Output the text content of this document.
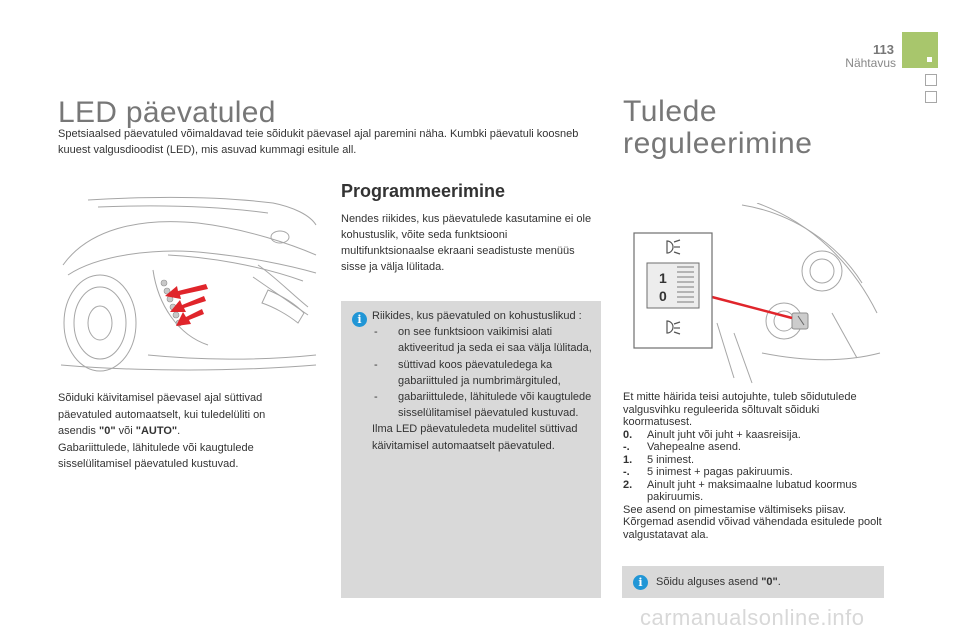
113
Nähtavus
LED päevatuled
Spetsiaalsed päevatuled võimaldavad teie sõidukit päevasel ajal paremini näha. Kumbki päevatuli koosneb kuuest valgusdioodist (LED), mis asuvad kummagi esitule all.
Tulede
reguleerimine
Programmeerimine
Nendes riikides, kus päevatulede kasutamine ei ole kohustuslik, võite seda funktsiooni multifunktsionaalse ekraani seadistuste menüüs sisse ja välja lülitada.
Sõiduki käivitamisel päevasel ajal süttivad päevatuled automaatselt, kui tuledelüliti on asendis "0" või "AUTO".
Gabariittulede, lähitulede või kaugtulede sisselülitamisel päevatuled kustuvad.
i Riikides, kus päevatuled on kohustuslikud :
- on see funktsioon vaikimisi alati aktiveeritud ja seda ei saa välja lülitada,
- süttivad koos päevatuledega ka gabariittuled ja numbrimärgituled,
- gabariittulede, lähitulede või kaugtulede sisselülitamisel päevatuled kustuvad.
Ilma LED päevatuledeta mudelitel süttivad käivitamisel automaatselt päevatuled.
1
0
Et mitte häirida teisi autojuhte, tuleb sõidutulede valgusvihku reguleerida sõltuvalt sõiduki koormatusest.
0. Ainult juht või juht + kaasreisija.
-. Vahepealne asend.
1. 5 inimest.
-. 5 inimest + pagas pakiruumis.
2. Ainult juht + maksimaalne lubatud koormus pakiruumis.
See asend on pimestamise vältimiseks piisav.
Kõrgemad asendid võivad vähendada esitulede poolt valgustatavat ala.
i	Sõidu alguses asend "0".
carmanualsonline.info
